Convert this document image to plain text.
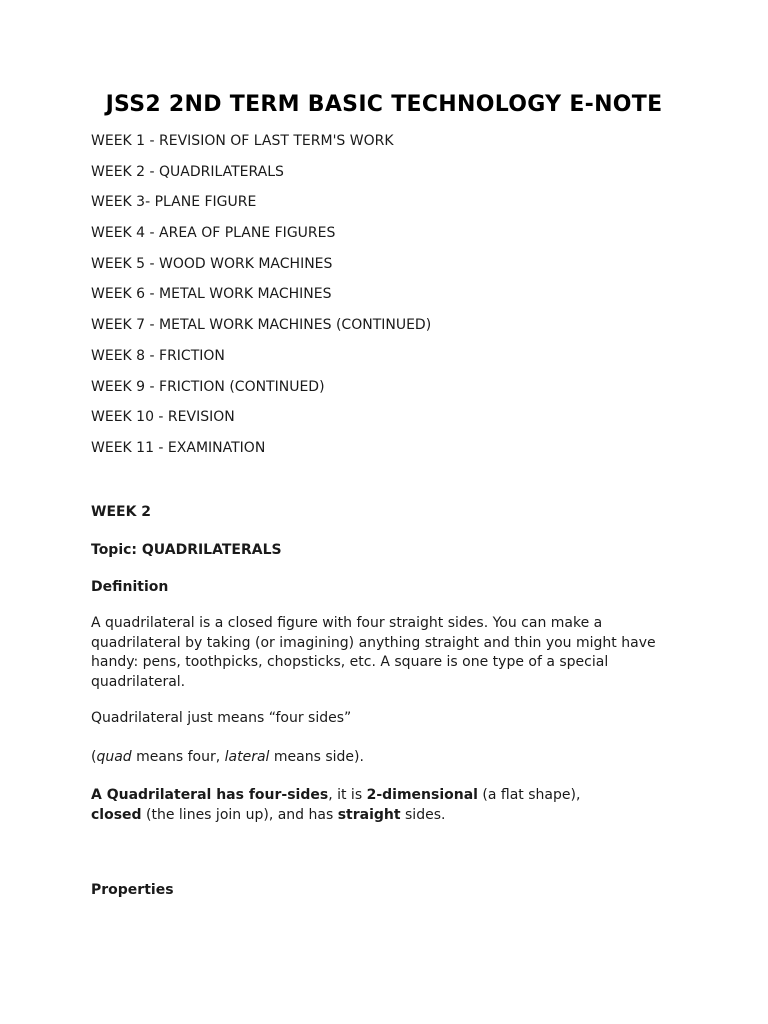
JSS2 2ND TERM BASIC TECHNOLOGY E-NOTE
WEEK 1 - REVISION OF LAST TERM'S WORK
WEEK 2 - QUADRILATERALS
WEEK 3- PLANE FIGURE
WEEK 4 - AREA OF PLANE FIGURES
WEEK 5 - WOOD WORK MACHINES
WEEK 6 - METAL WORK MACHINES
WEEK 7 - METAL WORK MACHINES (CONTINUED)
WEEK 8 - FRICTION
WEEK 9 - FRICTION (CONTINUED)
WEEK 10 - REVISION
WEEK 11 - EXAMINATION
WEEK 2
Topic: QUADRILATERALS
Definition
A quadrilateral is a closed figure with four straight sides. You can make a quadrilateral by taking (or imagining) anything straight and thin you might have handy: pens, toothpicks, chopsticks, etc. A square is one type of a special quadrilateral.
Quadrilateral just means “four sides”
(quad means four, lateral means side).
A Quadrilateral has four-sides, it is 2-dimensional (a flat shape), closed (the lines join up), and has straight sides.
Properties
